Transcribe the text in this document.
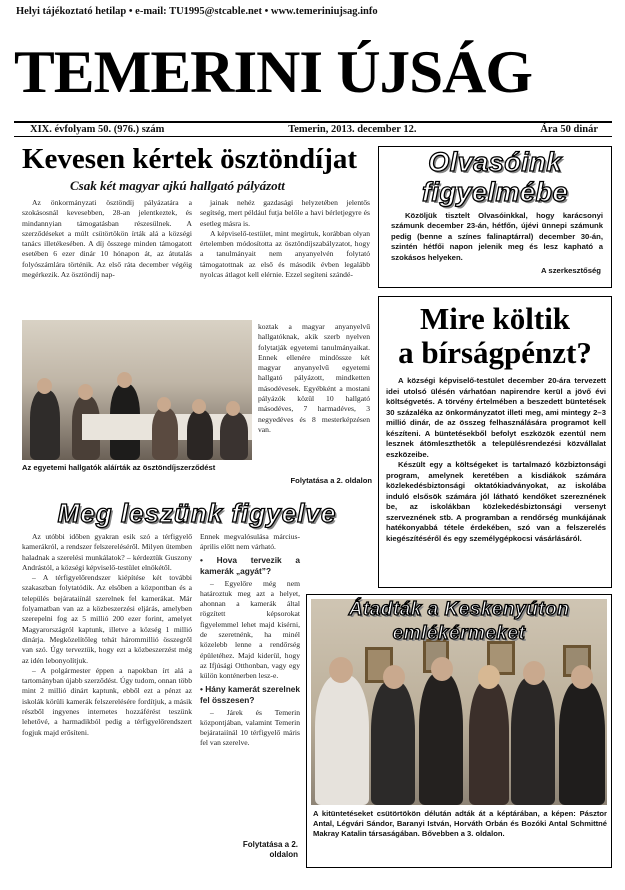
Helyi tájékoztató hetilap • e-mail: TU1995@stcable.net • www.temeriniujsag.info
TEMERINI ÚJSÁG
XIX. évfolyam 50. (976.) szám	Temerin, 2013. december 12.	Ára 50 dinár
Kevesen kértek ösztöndíjat
Csak két magyar ajkú hallgató pályázott

Az önkormányzati ösztöndíj pályázatára a szokásosnál kevesebben, 28-an jelentkeztek, és mindannyian támogatásban részesülnek. A szerződéseket a múlt csütörtökön írták alá a községi tanács illetékesében. A díj összege minden támogatott esetében 6 ezer dinár 10 hónapon át, az átutalás folyószámlára történik. Az első ráta december végéig megérkezik. Az ösztöndíj nap-

jainak nehéz gazdasági helyzetében jelentős segítség, mert például futja belőle a havi bérletjegyre és esetleg másra is.

A képviselő-testület, mint megírtuk, korábban olyan értelemben módosította az ösztöndíjszabályzatot, hogy a tanulmányait nem anyanyelvén folytató támogatottnak az első és második évben legalább nyolcas átlagot kell elérnie. Ezzel segíteni szándé-

koztak a magyar anyanyelvű hallgatóknak, akik szerb nyelven folytatják egyetemi tanulmányaikat. Ennek ellenére mindössze két magyar anyanyelvű egyetemi hallgató pályázott, mindketten másodévesek. Egyébként a mostani pályázók közül 10 hallgató másodéves, 7 harmadéves, 3 negyedéves és 8 mesterképzésen van.

Az egyetemi hallgatók aláírták az ösztöndíjszerződést
Folytatása a 2. oldalon
Olvasóink
figyelmébe
Közöljük tisztelt Olvasóinkkal, hogy karácsonyi számunk december 23-án, hétfőn, újévi ünnepi számunk pedig (benne a színes falinaptárral) december 30-án, szintén hétfői napon jelenik meg és lesz kapható a szokásos helyeken.
A szerkesztőség
Mire költik
a bírságpénzt?

A községi képviselő-testület december 20-ára tervezett idei utolsó ülésén várhatóan napirendre kerül a jövő évi költségvetés. A törvény értelmében a beszedett büntetések 30 százaléka az önkormányzatot illeti meg, ami mintegy 2–3 millió dinár, de az összeg felhasználására programot kell készíteni. A büntetésekből befolyt eszközök ezentúl nem lesznek átömleszthetők a településrendezési közvállalat eszközeibe.

Készült egy a költségeket is tartalmazó közbiztonsági program, amelynek keretében a kisdiákok számára közlekedésbiztonsági oktatókiadványokat, az iskolába induló elsősök számára jól látható kendőket szereznének be, az iskolákban közlekedésbiztonsági versenyt szerveznének stb. A programban a rendőrség munkájának hatékonyabbá tétele érdekében, szó van a felszerelés kiegészítéséről és egy személygépkocsi vásárlásáról.

Meg leszünk figyelve

Az utóbbi időben gyakran esik szó a térfigyelő kamerákról, a rendszer felszereléséről. Milyen ütemben haladnak a szerelési munkálatok? – kérdeztük Guszony Andrástól, a községi képviselő-testület elnökétől.

– A térfigyelőrendszer kiépítése két további szakaszban folytatódik. Az elsőben a központban és a település bejárataiínál szerelnek fel kamerákat. Már folyamatban van az a közbeszerzési eljárás, amelyben szerepelni fog az 5 millió 200 ezer forint, amelyet Magyarországról kaptunk, illetve a község 1 millió dinárja. Megközelítőleg tehát hárommillió összegről van szó. Úgy terveztük, hogy ezt a közbeszerzést még az idén lebonyolítjuk.

– A polgármester éppen a napokban írt alá a tartományban újabb szerződést. Úgy tudom, onnan több mint 2 millió dinárt kaptunk, ebből ezt a pénzt az iskolák körüli kamerák felszerelésére fordítjuk, a másik részből ingyenes internetes hozzáférést teszünk lehetővé, a harmadikból pedig a térfigyelőrendszert fogjuk majd erősíteni.

Ennek megvalósulása március-április előtt nem várható.

• Hova tervezik a kamerák „agyát”?

– Egyelőre még nem határoztuk meg azt a helyet, ahonnan a kamerák által rögzített képsorokat figyelemmel lehet majd kísérni, de szeretnénk, ha minél közelebb lenne a rendőrség épületéhez. Majd kiderül, hogy az Ifjúsági Otthonban, vagy egy külön konténerben lesz-e.

• Hány kamerát szerelnek fel összesen?

– Járek és Temerin központjában, valamint Temerin bejárataiínál 10 térfigyelő máris fel van szerelve.

Folytatása a 2. oldalon
Átadták a Keskenyúton
emlékérmeket
A kitüntetéseket csütörtökön délután adták át a képtárában, a képen: Pásztor Antal, Légvári Sándor, Baranyi István, Horváth Orbán és Bozóki Antal Schmittné Makray Katalin társaságában. Bővebben a 3. oldalon.
